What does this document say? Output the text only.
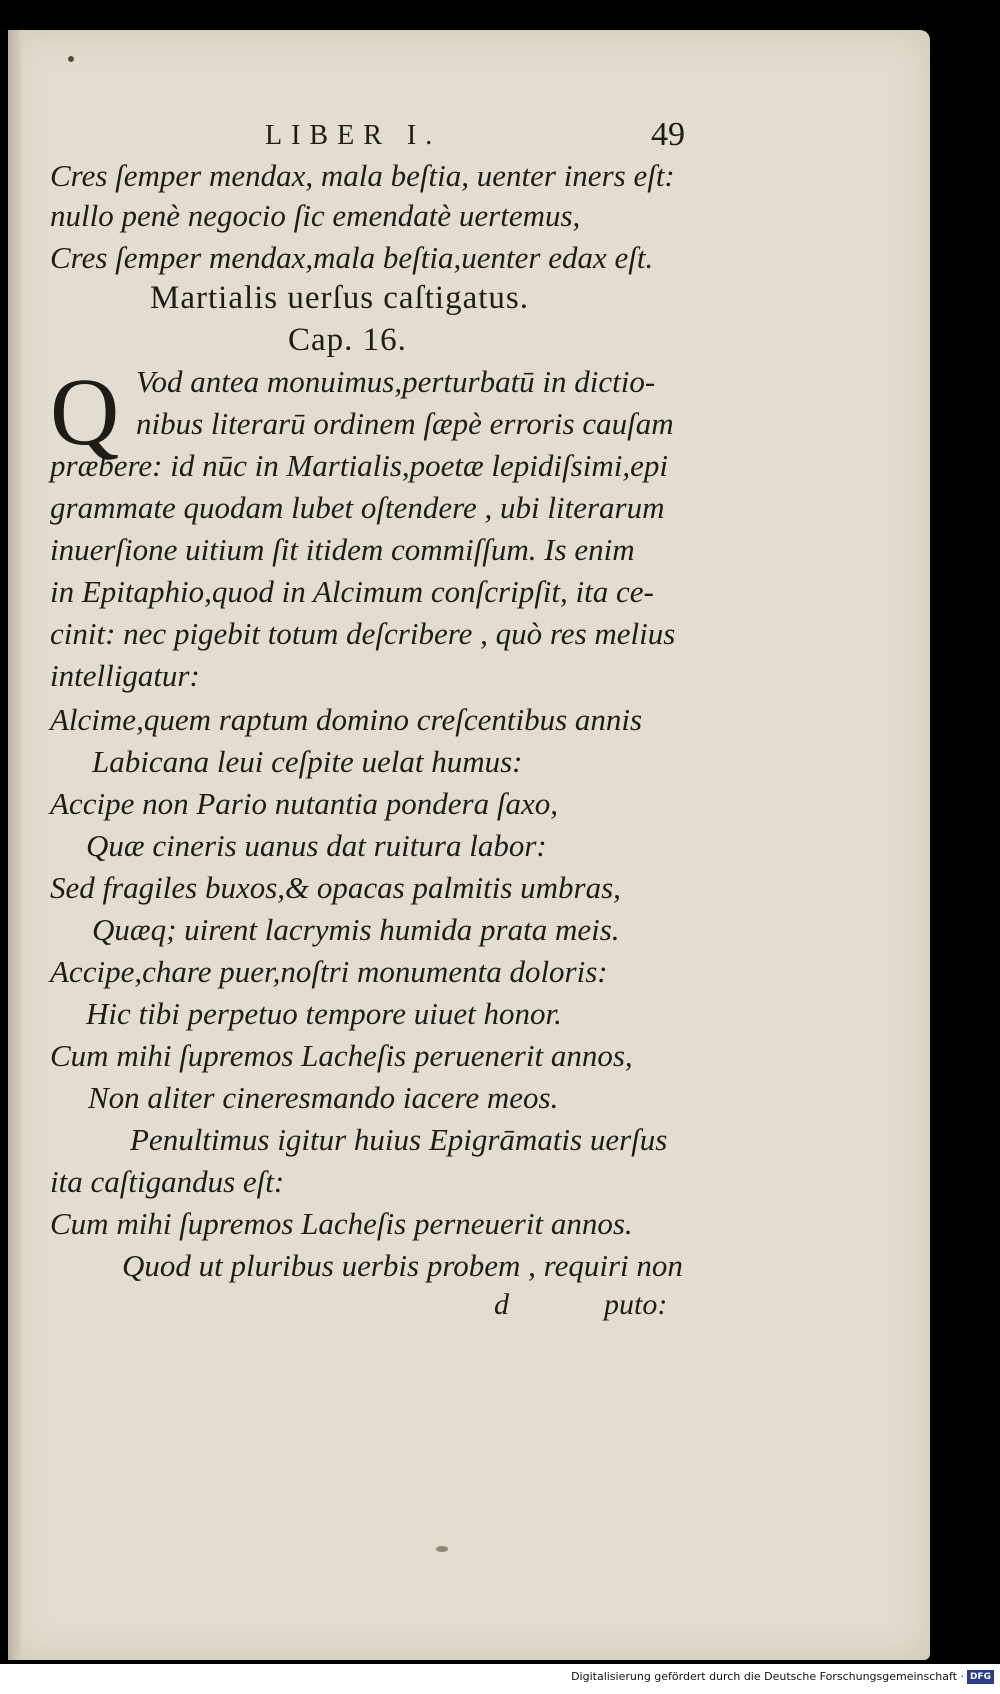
LIBER I.	49
Cres ſemper mendax, mala beſtia, uenter iners eſt:
nullo penè negocio ſic emendatè uertemus,
Cres ſemper mendax,mala beſtia,uenter edax eſt.
Martialis uerſus caſtigatus.
Cap. 16.
Q Vod antea monuimus,perturbatū in dictio-
nibus literarū ordinem ſæpè erroris cauſam
præbere: id nūc in Martialis,poetæ lepidiſsimi,epi
grammate quodam lubet oſtendere , ubi literarum
inuerſione uitium ſit itidem commiſſum. Is enim
in Epitaphio,quod in Alcimum conſcripſit, ita ce-
cinit: nec pigebit totum deſcribere , quò res melius
intelligatur:
Alcime,quem raptum domino creſcentibus annis
Labicana leui ceſpite uelat humus:
Accipe non Pario nutantia pondera ſaxo,
Quæ cineris uanus dat ruitura labor:
Sed fragiles buxos,& opacas palmitis umbras,
Quæq; uirent lacrymis humida prata meis.
Accipe,chare puer,noſtri monumenta doloris:
Hic tibi perpetuo tempore uiuet honor.
Cum mihi ſupremos Lacheſis peruenerit annos,
Non aliter cineresmando iacere meos.
Penultimus igitur huius Epigrāmatis uerſus
ita caſtigandus eſt:
Cum mihi ſupremos Lacheſis perneuerit annos.
Quod ut pluribus uerbis probem , requiri non
d	puto:
Digitalisierung gefördert durch die Deutsche Forschungsgemeinschaft · DFG
